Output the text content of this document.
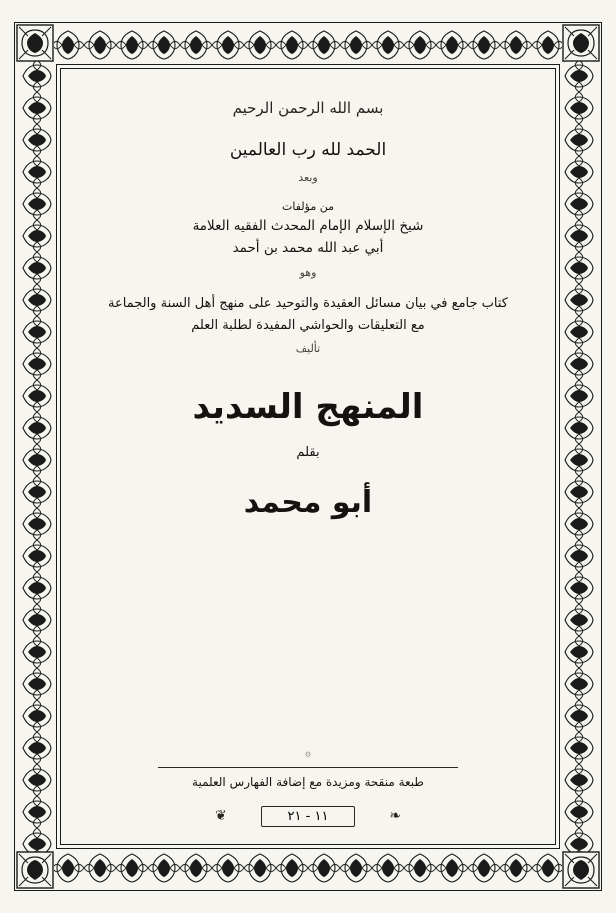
بسم الله الرحمن الرحيم
الحمد لله رب العالمين
وبعد
من مؤلفات
شيخ الإسلام الإمام المحدث الفقيه العلامة
أبي عبد الله محمد بن أحمد
وهو
كتاب جامع في بيان مسائل العقيدة والتوحيد على منهج أهل السنة والجماعة
مع التعليقات والحواشي المفيدة لطلبة العلم
تأليف
المنهج السديد
بقلم
أبو محمد
۞
طبعة منقحة ومزيدة مع إضافة الفهارس العلمية
❦	١١ - ٢١	❧
